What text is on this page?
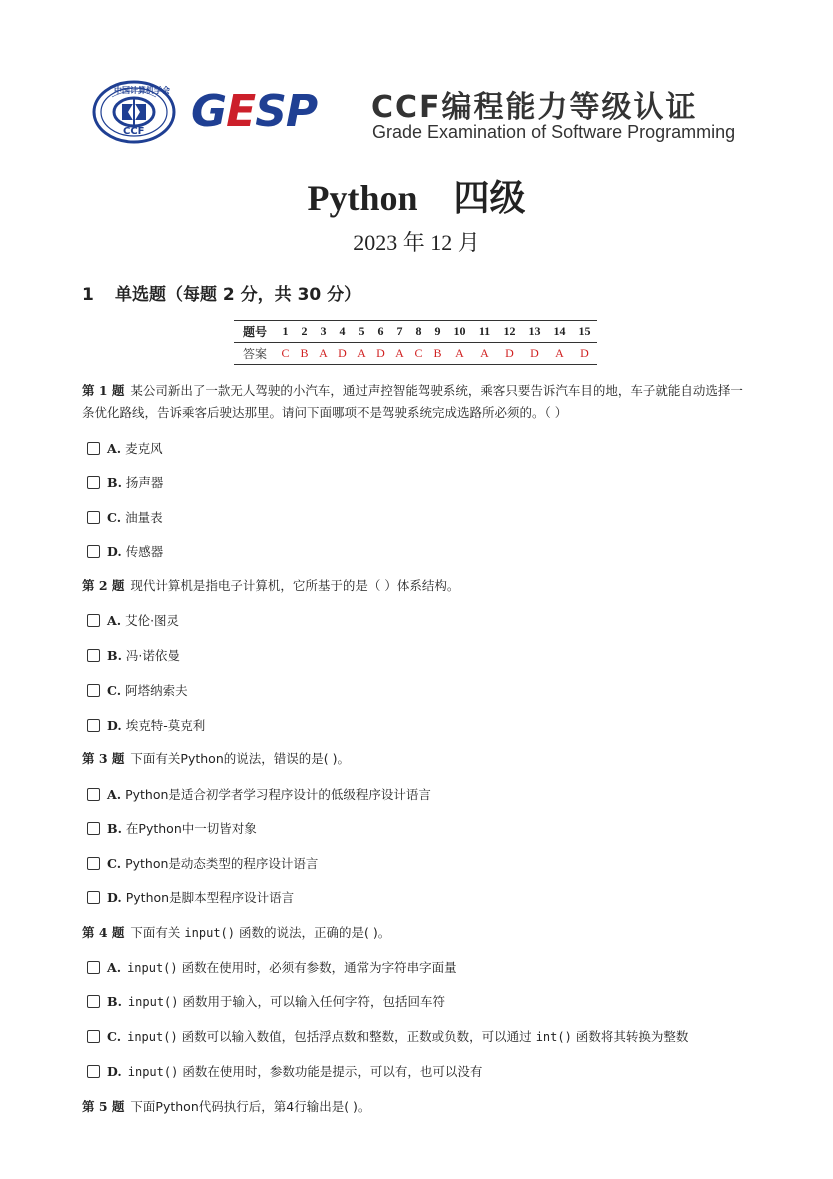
中国计算机学会
CCF GESP CCF编程能力等级认证
Grade Examination of Software Programming
Python 四级
2023 年 12 月
1 单选题（每题 2 分，共 30 分）
题号	1	2	3	4	5	6	7	8	9	10	11	12	13	14	15
答案	C	B	A	D	A	D	A	C	B	A	A	D	D	A	D
第 1 题 某公司新出了一款无人驾驶的小汽车，通过声控智能驾驶系统，乘客只要告诉汽车目的地，车子就能自动选择一条优化路线，告诉乘客后驶达那里。请问下面哪项不是驾驶系统完成选路所必须的。（ ）
A. 麦克风
B. 扬声器
C. 油量表
D. 传感器
第 2 题 现代计算机是指电子计算机，它所基于的是（ ）体系结构。
A. 艾伦·图灵
B. 冯·诺依曼
C. 阿塔纳索夫
D. 埃克特-莫克利
第 3 题 下面有关Python的说法，错误的是( )。
A. Python是适合初学者学习程序设计的低级程序设计语言
B. 在Python中一切皆对象
C. Python是动态类型的程序设计语言
D. Python是脚本型程序设计语言
第 4 题 下面有关 input() 函数的说法，正确的是( )。
A. input() 函数在使用时，必须有参数，通常为字符串字面量
B. input() 函数用于输入，可以输入任何字符，包括回车符
C. input() 函数可以输入数值，包括浮点数和整数，正数或负数，可以通过 int() 函数将其转换为整数
D. input() 函数在使用时，参数功能是提示，可以有，也可以没有
第 5 题 下面Python代码执行后，第4行输出是( )。
